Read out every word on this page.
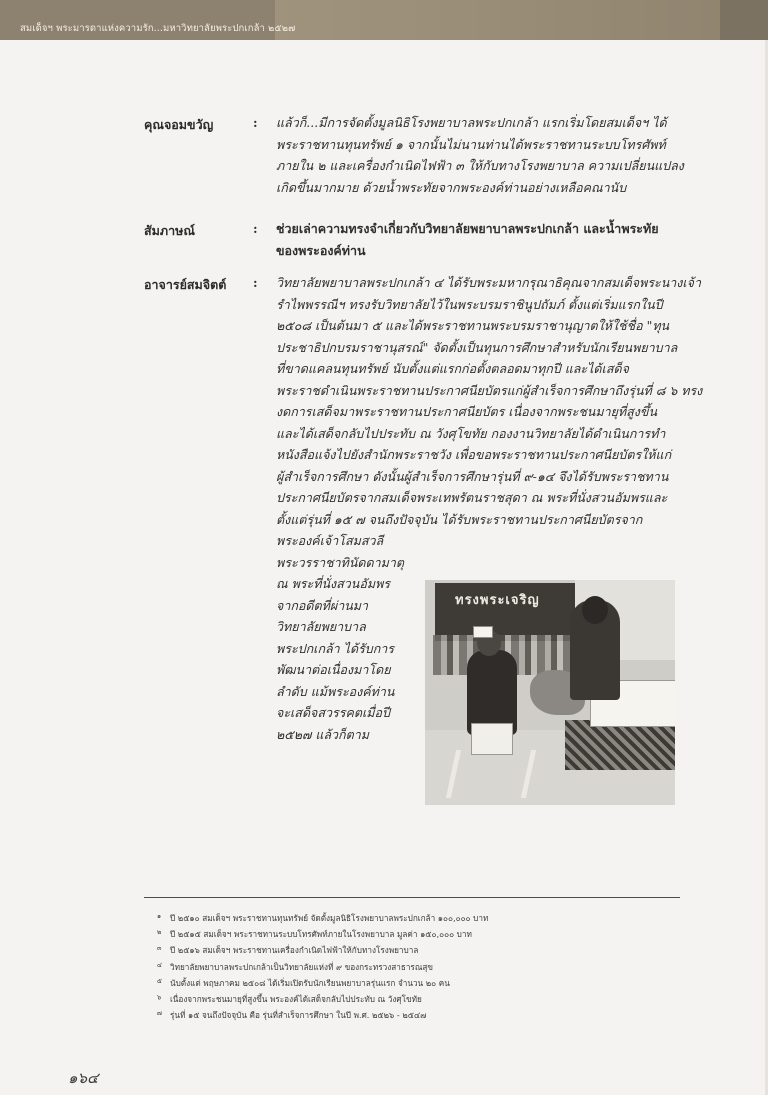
สมเด็จฯ พระมารดาแห่งความรัก...มหาวิทยาลัยพระปกเกล้า ๒๕๒๗
คุณจอมขวัญ	: แล้วก็...มีการจัดตั้งมูลนิธิโรงพยาบาลพระปกเกล้า แรกเริ่มโดยสมเด็จฯ ได้
พระราชทานทุนทรัพย์ ๑ จากนั้นไม่นานท่านได้พระราชทานระบบโทรศัพท์
ภายใน ๒ และเครื่องกำเนิดไฟฟ้า ๓ ให้กับทางโรงพยาบาล ความเปลี่ยนแปลง
เกิดขึ้นมากมาย ด้วยน้ำพระทัยจากพระองค์ท่านอย่างเหลือคณานับ
สัมภาษณ์	: ช่วยเล่าความทรงจำเกี่ยวกับวิทยาลัยพยาบาลพระปกเกล้า และน้ำพระทัย
ของพระองค์ท่าน
อาจารย์สมจิตต์ : วิทยาลัยพยาบาลพระปกเกล้า ๔ ได้รับพระมหากรุณาธิคุณจากสมเด็จพระนางเจ้า
รำไพพรรณีฯ ทรงรับวิทยาลัยไว้ในพระบรมราชินูปถัมภ์ ตั้งแต่เริ่มแรกในปี
๒๕๐๘ เป็นต้นมา ๕ และได้พระราชทานพระบรมราชานุญาตให้ใช้ชื่อ "ทุน
ประชาธิปกบรมราชานุสรณ์" จัดตั้งเป็นทุนการศึกษาสำหรับนักเรียนพยาบาล
ที่ขาดแคลนทุนทรัพย์ นับตั้งแต่แรกก่อตั้งตลอดมาทุกปี และได้เสด็จ
พระราชดำเนินพระราชทานประกาศนียบัตรแก่ผู้สำเร็จการศึกษาถึงรุ่นที่ ๘ ๖ ทรง
งดการเสด็จมาพระราชทานประกาศนียบัตร เนื่องจากพระชนมายุที่สูงขึ้น
และได้เสด็จกลับไปประทับ ณ วังศุโขทัย กองงานวิทยาลัยได้ดำเนินการทำ
หนังสือแจ้งไปยังสำนักพระราชวัง เพื่อขอพระราชทานประกาศนียบัตรให้แก่
ผู้สำเร็จการศึกษา ดังนั้นผู้สำเร็จการศึกษารุ่นที่ ๙-๑๔ จึงได้รับพระราชทาน
ประกาศนียบัตรจากสมเด็จพระเทพรัตนราชสุดา ณ พระที่นั่งสวนอัมพรและ
ตั้งแต่รุ่นที่ ๑๕ ๗ จนถึงปัจจุบัน ได้รับพระราชทานประกาศนียบัตรจาก
พระองค์เจ้าโสมสวลี
พระวรราชาทินัดดามาตุ
ณ พระที่นั่งสวนอัมพร
จากอดีตที่ผ่านมา
วิทยาลัยพยาบาล
พระปกเกล้า ได้รับการ
พัฒนาต่อเนื่องมาโดย
ลำดับ แม้พระองค์ท่าน
จะเสด็จสวรรคตเมื่อปี
๒๕๒๗ แล้วก็ตาม
ทรงพระเจริญ
๑ ปี ๒๕๑๐ สมเด็จฯ พระราชทานทุนทรัพย์ จัดตั้งมูลนิธิโรงพยาบาลพระปกเกล้า ๑๐๐,๐๐๐ บาท
๒ ปี ๒๕๑๕ สมเด็จฯ พระราชทานระบบโทรศัพท์ภายในโรงพยาบาล มูลค่า ๑๕๐,๐๐๐ บาท
๓ ปี ๒๕๑๖ สมเด็จฯ พระราชทานเครื่องกำเนิดไฟฟ้าให้กับทางโรงพยาบาล
๔ วิทยาลัยพยาบาลพระปกเกล้าเป็นวิทยาลัยแห่งที่ ๙ ของกระทรวงสาธารณสุข
๕ นับตั้งแต่ พฤษภาคม ๒๕๐๘ ได้เริ่มเปิดรับนักเรียนพยาบาลรุ่นแรก จำนวน ๒๐ คน
๖ เนื่องจากพระชนมายุที่สูงขึ้น พระองค์ได้เสด็จกลับไปประทับ ณ วังศุโขทัย
๗ รุ่นที่ ๑๕ จนถึงปัจจุบัน คือ รุ่นที่สำเร็จการศึกษา ในปี พ.ศ. ๒๕๒๖ - ๒๕๔๗
๑๖๔
